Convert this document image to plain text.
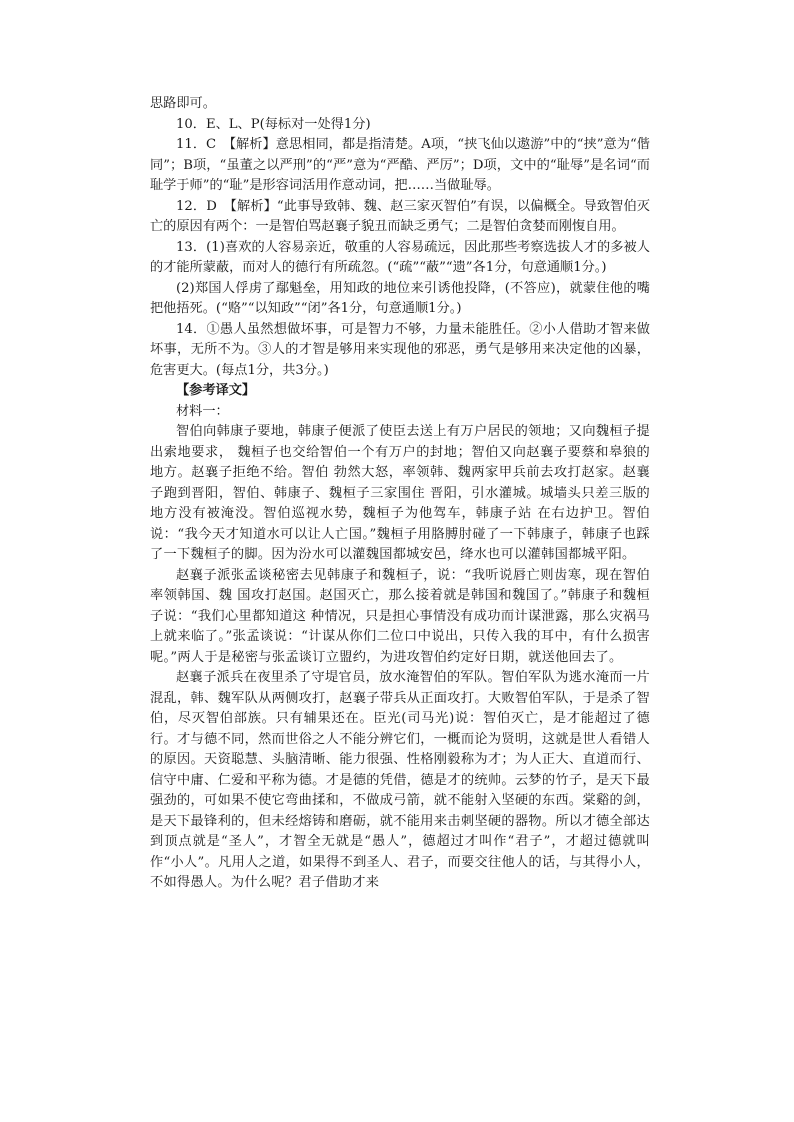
思路即可。

10．E、L、P(每标对一处得1分)

11．C　【解析】意思相同，都是指清楚。A项，“挟飞仙以遨游”中的“挟”意为“偕同”；B项，“虽董之以严刑”的“严”意为“严酷、严厉”；D项，文中的“耻辱”是名词“而耻学于师”的“耻”是形容词活用作意动词，把……当做耻辱。

12．D　【解析】“此事导致韩、魏、赵三家灭智伯”有误，以偏概全。导致智伯灭亡的原因有两个：一是智伯骂赵襄子貌丑而缺乏勇气；二是智伯贪婪而刚愎自用。

13．(1)喜欢的人容易亲近，敬重的人容易疏远，因此那些考察选拔人才的多被人的才能所蒙蔽，而对人的德行有所疏忽。(“疏”“蔽”“遗”各1分，句意通顺1分。)

(2)郑国人俘虏了鄢魁垒，用知政的地位来引诱他投降，(不答应)，就蒙住他的嘴把他捂死。(“赂”“以知政”“闭”各1分，句意通顺1分。)

14．①愚人虽然想做坏事，可是智力不够，力量未能胜任。②小人借助才智来做坏事，无所不为。③人的才智是够用来实现他的邪恶，勇气是够用来决定他的凶暴，危害更大。(每点1分，共3分。)

【参考译文】

材料一：

智伯向韩康子要地，韩康子便派了使臣去送上有万户居民的领地；又向魏桓子提出索地要求， 魏桓子也交给智伯一个有万户的封地；智伯又向赵襄子要蔡和皋狼的地方。赵襄子拒绝不给。智伯 勃然大怒，率领韩、魏两家甲兵前去攻打赵家。赵襄子跑到晋阳，智伯、韩康子、魏桓子三家围住 晋阳，引水灌城。城墙头只差三版的地方没有被淹没。智伯巡视水势，魏桓子为他驾车，韩康子站 在右边护卫。智伯说：“我今天才知道水可以让人亡国。”魏桓子用胳膊肘碰了一下韩康子，韩康子也踩了一下魏桓子的脚。因为汾水可以灌魏国都城安邑，绛水也可以灌韩国都城平阳。

赵襄子派张孟谈秘密去见韩康子和魏桓子，说：“我听说唇亡则齿寒，现在智伯率领韩国、魏 国攻打赵国。赵国灭亡，那么接着就是韩国和魏国了。”韩康子和魏桓子说：“我们心里都知道这 种情况，只是担心事情没有成功而计谋泄露，那么灾祸马上就来临了。”张孟谈说：“计谋从你们二位口中说出，只传入我的耳中，有什么损害呢。”两人于是秘密与张孟谈订立盟约，为进攻智伯约定好日期，就送他回去了。

赵襄子派兵在夜里杀了守堤官员，放水淹智伯的军队。智伯军队为逃水淹而一片混乱，韩、魏军队从两侧攻打，赵襄子带兵从正面攻打。大败智伯军队，于是杀了智伯，尽灭智伯部族。只有辅果还在。臣光(司马光)说：智伯灭亡，是才能超过了德行。才与德不同，然而世俗之人不能分辨它们，一概而论为贤明，这就是世人看错人的原因。天资聪慧、头脑清晰、能力很强、性格刚毅称为才；为人正大、直道而行、信守中庸、仁爱和平称为德。才是德的凭借，德是才的统帅。云梦的竹子，是天下最强劲的，可如果不使它弯曲揉和，不做成弓箭，就不能射入坚硬的东西。棠谿的剑，是天下最锋利的，但未经熔铸和磨砺，就不能用来击刺坚硬的器物。所以才德全部达到顶点就是“圣人”，才智全无就是“愚人”，德超过才叫作“君子”，才超过德就叫作“小人”。凡用人之道，如果得不到圣人、君子，而要交往他人的话，与其得小人，不如得愚人。为什么呢？君子借助才来
